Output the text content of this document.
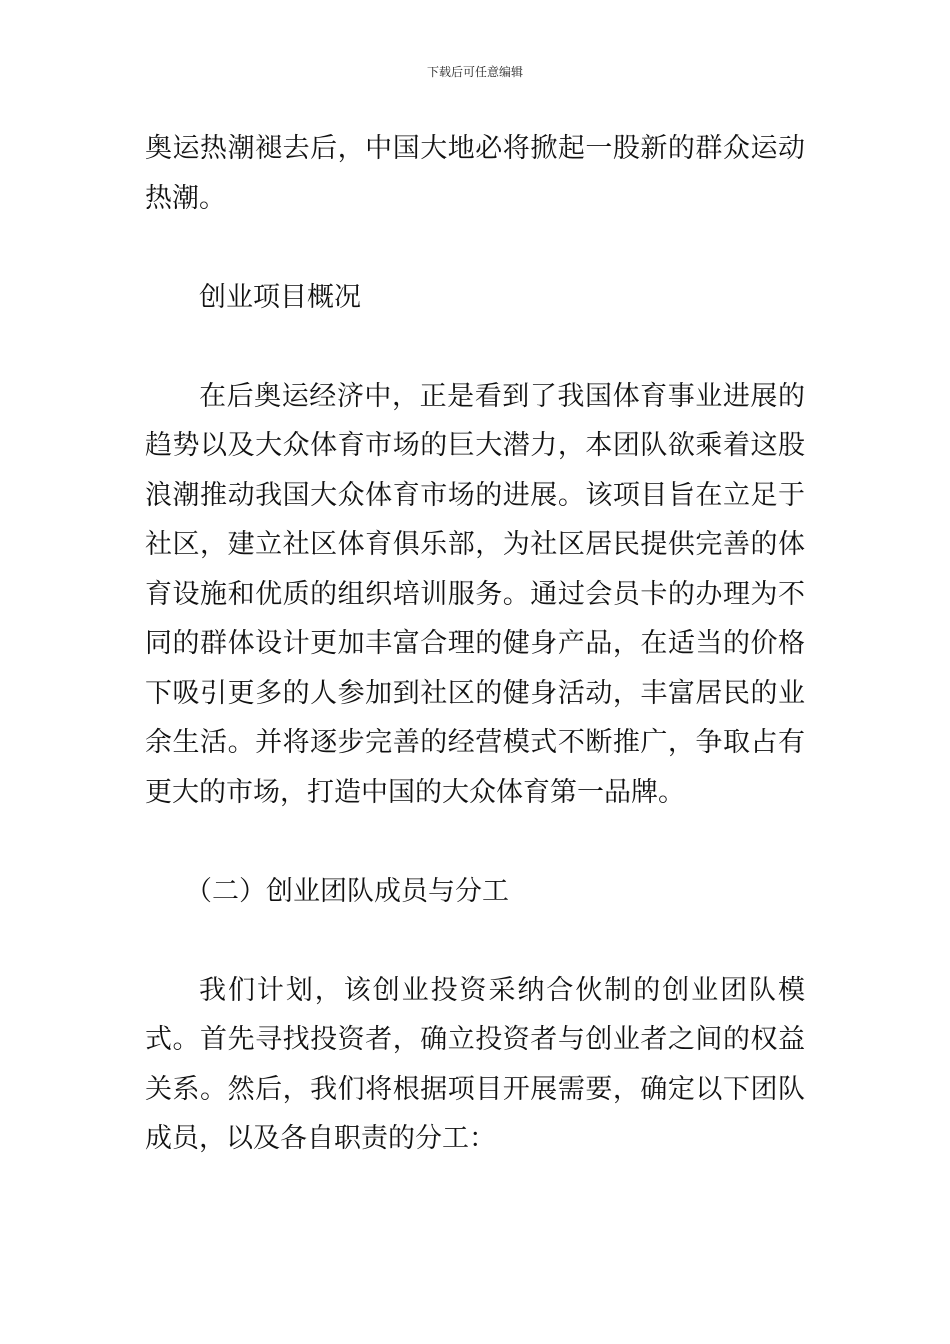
下载后可任意编辑

奥运热潮褪去后，中国大地必将掀起一股新的群众运动热潮。

创业项目概况

在后奥运经济中，正是看到了我国体育事业进展的趋势以及大众体育市场的巨大潜力，本团队欲乘着这股浪潮推动我国大众体育市场的进展。该项目旨在立足于社区，建立社区体育俱乐部，为社区居民提供完善的体育设施和优质的组织培训服务。通过会员卡的办理为不同的群体设计更加丰富合理的健身产品，在适当的价格下吸引更多的人参加到社区的健身活动，丰富居民的业余生活。并将逐步完善的经营模式不断推广，争取占有更大的市场，打造中国的大众体育第一品牌。

（二）创业团队成员与分工

我们计划，该创业投资采纳合伙制的创业团队模式。首先寻找投资者，确立投资者与创业者之间的权益关系。然后，我们将根据项目开展需要，确定以下团队成员，以及各自职责的分工：
